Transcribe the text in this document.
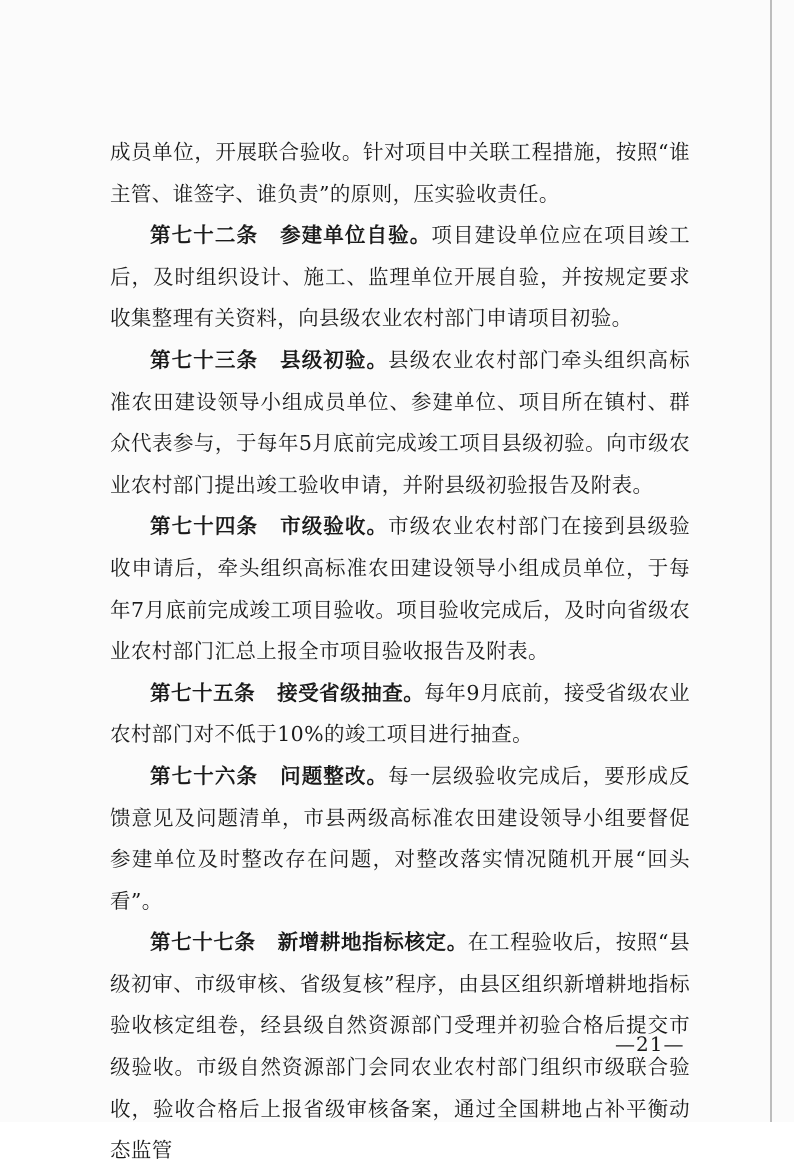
成员单位，开展联合验收。针对项目中关联工程措施，按照“谁主管、谁签字、谁负责”的原则，压实验收责任。

第七十二条 参建单位自验。项目建设单位应在项目竣工后，及时组织设计、施工、监理单位开展自验，并按规定要求收集整理有关资料，向县级农业农村部门申请项目初验。

第七十三条 县级初验。县级农业农村部门牵头组织高标准农田建设领导小组成员单位、参建单位、项目所在镇村、群众代表参与，于每年5月底前完成竣工项目县级初验。向市级农业农村部门提出竣工验收申请，并附县级初验报告及附表。

第七十四条 市级验收。市级农业农村部门在接到县级验收申请后，牵头组织高标准农田建设领导小组成员单位，于每年7月底前完成竣工项目验收。项目验收完成后，及时向省级农业农村部门汇总上报全市项目验收报告及附表。

第七十五条 接受省级抽查。每年9月底前，接受省级农业农村部门对不低于10%的竣工项目进行抽查。

第七十六条 问题整改。每一层级验收完成后，要形成反馈意见及问题清单，市县两级高标准农田建设领导小组要督促参建单位及时整改存在问题，对整改落实情况随机开展“回头看”。

第七十七条 新增耕地指标核定。在工程验收后，按照“县级初审、市级审核、省级复核”程序，由县区组织新增耕地指标验收核定组卷，经县级自然资源部门受理并初验合格后提交市级验收。市级自然资源部门会同农业农村部门组织市级联合验收，验收合格后上报省级审核备案，通过全国耕地占补平衡动态监管

—21—
